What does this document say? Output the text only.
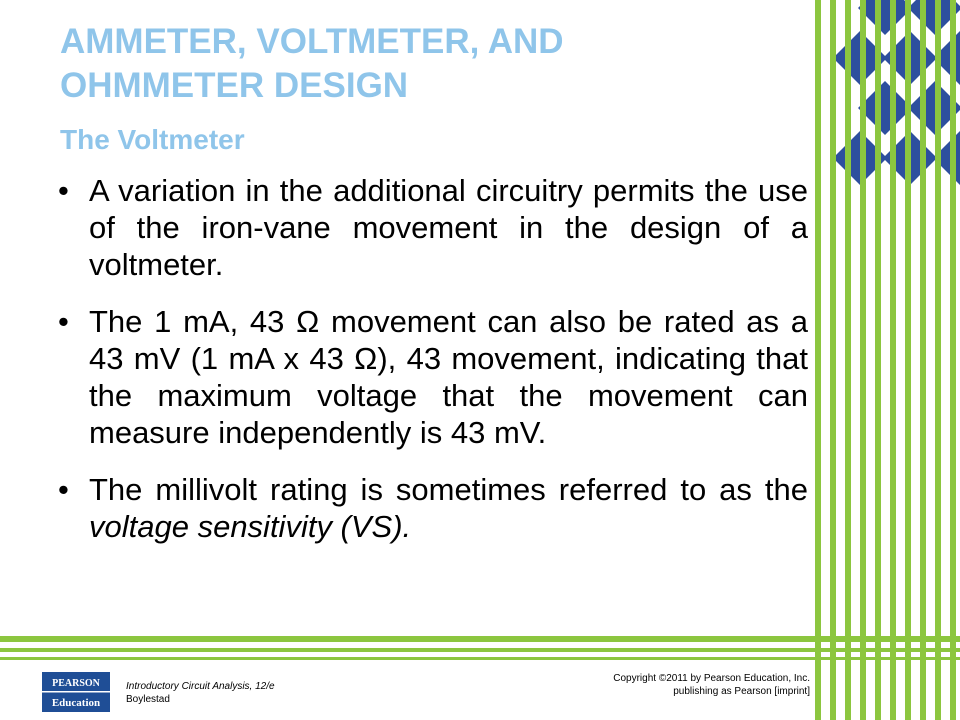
AMMETER, VOLTMETER, AND
OHMMETER DESIGN
The Voltmeter
• A variation in the additional circuitry permits the use of the iron-vane movement in the design of a voltmeter.
• The 1 mA, 43 Ω movement can also be rated as a 43 mV (1 mA x 43 Ω), 43 movement, indicating that the maximum voltage that the movement can measure independently is 43 mV.
• The millivolt rating is sometimes referred to as the voltage sensitivity (VS).
PEARSON
Education
Introductory Circuit Analysis, 12/e
Boylestad
Copyright ©2011 by Pearson Education, Inc.
publishing as Pearson [imprint]
